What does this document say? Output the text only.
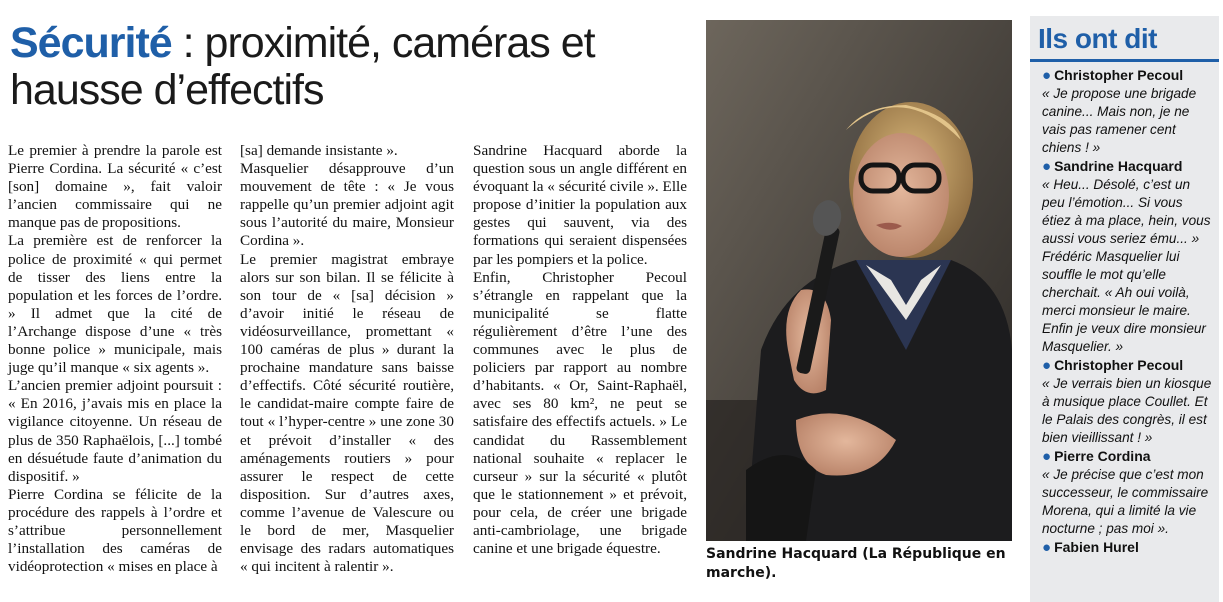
Sécurité : proximité, caméras et hausse d’effectifs

Le premier à prendre la parole est Pierre Cordina. La sécurité « c’est [son] domaine », fait valoir l’ancien commissaire qui ne manque pas de propositions.

La première est de renforcer la police de proximité « qui permet de tisser des liens entre la population et les forces de l’ordre. » Il admet que la cité de l’Archange dispose d’une « très bonne police » municipale, mais juge qu’il manque « six agents ».

L’ancien premier adjoint poursuit : « En 2016, j’avais mis en place la vigilance citoyenne. Un réseau de plus de 350 Raphaëlois, [...] tombé en désuétude faute d’animation du dispositif. »

Pierre Cordina se félicite de la procédure des rappels à l’ordre et s’attribue personnellement l’installation des caméras de vidéoprotection « mises en place à

[sa] demande insistante ».

Masquelier désapprouve d’un mouvement de tête : « Je vous rappelle qu’un premier adjoint agit sous l’autorité du maire, Monsieur Cordina ».

Le premier magistrat embraye alors sur son bilan. Il se félicite à son tour de « [sa] décision » d’avoir initié le réseau de vidéosurveillance, promettant « 100 caméras de plus » durant la prochaine mandature sans baisse d’effectifs. Côté sécurité routière, le candidat-maire compte faire de tout « l’hyper-centre » une zone 30 et prévoit d’installer « des aménagements routiers » pour assurer le respect de cette disposition. Sur d’autres axes, comme l’avenue de Valescure ou le bord de mer, Masquelier envisage des radars automatiques « qui incitent à ralentir ».

Sandrine Hacquard aborde la question sous un angle différent en évoquant la « sécurité civile ». Elle propose d’initier la population aux gestes qui sauvent, via des formations qui seraient dispensées par les pompiers et la police.

Enfin, Christopher Pecoul s’étrangle en rappelant que la municipalité se flatte régulièrement d’être l’une des communes avec le plus de policiers par rapport au nombre d’habitants. « Or, Saint-Raphaël, avec ses 80 km², ne peut se satisfaire des effectifs actuels. » Le candidat du Rassemblement national souhaite « replacer le curseur » sur la sécurité « plutôt que le stationnement » et prévoit, pour cela, de créer une brigade anti-cambriolage, une brigade canine et une brigade équestre.	Sandrine Hacquard (La République en marche).
Ils ont dit
● Christopher Pecoul
« Je propose une brigade canine... Mais non, je ne vais pas ramener cent chiens ! »
● Sandrine Hacquard
« Heu... Désolé, c’est un peu l’émotion... Si vous étiez à ma place, hein, vous aussi vous seriez ému... » Frédéric Masquelier lui souffle le mot qu’elle cherchait. « Ah oui voilà, merci monsieur le maire. Enfin je veux dire monsieur Masquelier. »
● Christopher Pecoul
« Je verrais bien un kiosque à musique place Coullet. Et le Palais des congrès, il est bien vieillissant ! »
● Pierre Cordina
« Je précise que c’est mon successeur, le commissaire Morena, qui a limité la vie nocturne ; pas moi ».
● Fabien Hurel
